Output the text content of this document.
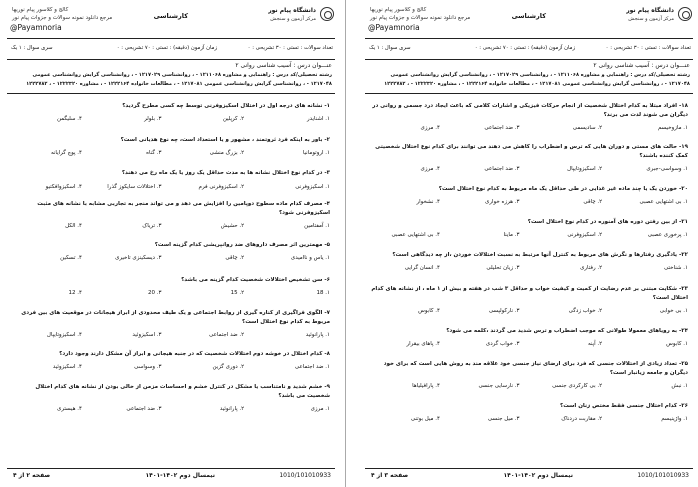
دانشگاه پیام نور
مرکز آزمون و سنجش
کارشناسی
کالج و کلاسور پیام نوریها
مرجع دانلود نمونه سوالات و جزوات پیام نور
@Payamnoria
تعداد سوالات : تستی : ۳۰ تشریحی : ۰
زمان آزمون (دقیقه) : تستی : ۷۰ تشریحی : ۰
سری سوال : ۱ یک
عنـــوان درس : آسیب شناسی روانی ۲
رشته تحصیلی/کد درس : راهنمایی و مشاوره ۱۲۱۱۰۶۸ - ، روانشناسی ۱۲۱۷۰۲۹ - ، روانشناسی گرایش روانشناسی عمومی ۱۲۱۷۰۴۸ - ، روانشناسی گرایش روانشناسی عمومی ۱۲۱۷۰۸۱ - ، مطالعات خانواده ۱۲۲۲۱۶۴ - ، مشاوره ۱۲۲۲۳۲۰ - ، ۱۲۲۲۷۸۲
۱- نشانه های درجه اول در اختلال اسکیزوفرنی توسط چه کسی مطرح گردید؟
۱. اشنایدر
۲. کرپلین
۳. بلولر
۴. سلیگمن
۲- باور به اینکه فرد ثروتمند ، مشهور و یا استعداد است، چه نوع هذیانی است؟
۱. اروتومانیا
۲. بزرگ منشی
۳. گناه
۴. پوچ گرایانه
۳- در کدام نوع اختلال نشانه ها به مدت حداقل یک روز یا یک ماه رخ می دهند؟
۱. اسکیزوفرنی
۲. اسکیزوفرنی فرم
۳. اختلالات سایکوز گذرا
۴. اسکیزوافکتیو
۴- مصرف کدام ماده سطوح دوپامین را افزایش می دهد و می تواند منجر به تجاربی مشابه با نشانه های مثبت اسکیزوفرنی شود؟
۱. آمفتامین
۲. حشیش
۳. تریاک
۴. الکل
۵- مهمترین اثر مصرف داروهای ضد روانپریشی کدام گزینه است؟
۱. یاس و ناامیدی
۲. چاقی
۳. دیسکینزی تاخیری
۴. تسکین
۶- سن تشخیص اختلالات شخصیت کدام گزینه می باشد؟
۱. 18
۲. 15
۳. 20
۴. 12
۷- الگوی فراگیری از کناره گیری از روابط اجتماعی و یک طیف محدودی از ابراز هیجانات در موقعیت های بین فردی مربوط به کدام نوع اختلال است؟
۱. پارانوئید
۲. ضد اجتماعی
۳. اسکیزوئید
۴. اسکیزوتایپال
۸- کدام اختلال در خوشه دوم اختلالات شخصیت که در جنبه هیجانی و ابراز آن مشکل دارند وجود دارد؟
۱. ضد اجتماعی
۲. دوری گزین
۳. وسواسی
۴. اسکیزوئید
۹- خشم شدید و نامتناسب یا مشکل در کنترل خشم و احساسات مزمن از خالی بودن از نشانه های کدام اختلال شخصیت می باشد؟
۱. مرزی
۲. پارانوئید
۳. ضد اجتماعی
۴. هیستری
1010/101010933
نیمسال دوم ۱۴۰۲-۱۴۰۱
صفحه ۲ از ۴
دانشگاه پیام نور
مرکز آزمون و سنجش
کارشناسی
کالج و کلاسور پیام نوریها
مرجع دانلود نمونه سوالات و جزوات پیام نور
@Payamnoria
تعداد سوالات : تستی : ۳۰ تشریحی : ۰
زمان آزمون (دقیقه) : تستی : ۷۰ تشریحی : ۰
سری سوال : ۱ یک
عنـــوان درس : آسیب شناسی روانی ۲
رشته تحصیلی/کد درس : راهنمایی و مشاوره ۱۲۱۱۰۶۸ - ، روانشناسی ۱۲۱۷۰۲۹ - ، روانشناسی گرایش روانشناسی عمومی ۱۲۱۷۰۴۸ - ، روانشناسی گرایش روانشناسی عمومی ۱۲۱۷۰۸۱ - ، مطالعات خانواده ۱۲۲۲۱۶۴ - ، مشاوره ۱۲۲۲۳۲۰ - ، ۱۲۲۲۷۸۲
۱۸- افراد مبتلا به کدام اختلال شخصیت از انجام حرکات فیزیکی و اشارات کلامی که باعث ایجاد درد جسمی و روانی در دیگران می شوند لذت می برند؟
۱. مازوخیسم
۲. سادیسمی
۳. ضد اجتماعی
۴. مرزی
۱۹- حالت های مستی و دوران هایی که ترس و اضطراب را کاهش می دهند می توانند برای کدام نوع اختلال شخصیتی کمک کننده باشند؟
۱. وسواسی-جبری
۲. اسکیزوتایپال
۳. ضد اجتماعی
۴. مرزی
۲۰- خوردن یک یا چند ماده غیر غذایی در طی حداقل یک ماه مربوط به کدام نوع اختلال است؟
۱. بی اشتهایی عصبی
۲. چاقی
۳. هرزه خواری
۴. نشخوار
۲۱- از بین رفتن دوره های آمنوره در کدام نوع اختلال است؟
۱. پرخوری عصبی
۲. اسکیزوفرنی
۳. ماینا
۴. بی اشتهایی عصبی
۲۲- یادگیری رفتارها و نگرش های مربوط به کنترل آنها مرتبط به نسبت اختلالات خوردن ،از چه دیدگاهی است؟
۱. شناختی
۲. رفتاری
۳. زیان تحلیلی
۴. انسان گرایی
۲۳- شکایت مبتنی بر عدم رضایت از کمیت و کیفیت خواب و حداقل ۳ شب در هفته و بیش از ۱ ماه ، از نشانه های کدام اختلال است؟
۱. بی خوابی
۲. خواب زدگی
۳. نارکولپسی
۴. کابوس
۲۴- به رویاهای معمولا طولانی که موجب اضطراب و ترس شدید می گردند ،کلمه می شود؟
۱. کابوس
۲. آپنه
۳. خواب گردی
۴. پاهای بیقرار
۲۵- تعداد زیادی از اختلالات جنسی که فرد برای ارضای نیاز جنسی خود علاقه مند به روش هایی است که برای خود دیگران و جامعه زیانبار است؟
۱. نبش
۲. بی کارکردی جنسی
۳. نارسایی جنسی
۴. پارافیلیاها
۲۶- کدام اختلال جنسی فقط مختص زنان است؟
۱. واژینیسم
۲. مقاربت دردناک
۳. میل جنسی
۴. میل بوتنی
1010/101010933
نیمسال دوم ۱۴۰۲-۱۴۰۱
صفحه ۳ از ۴
